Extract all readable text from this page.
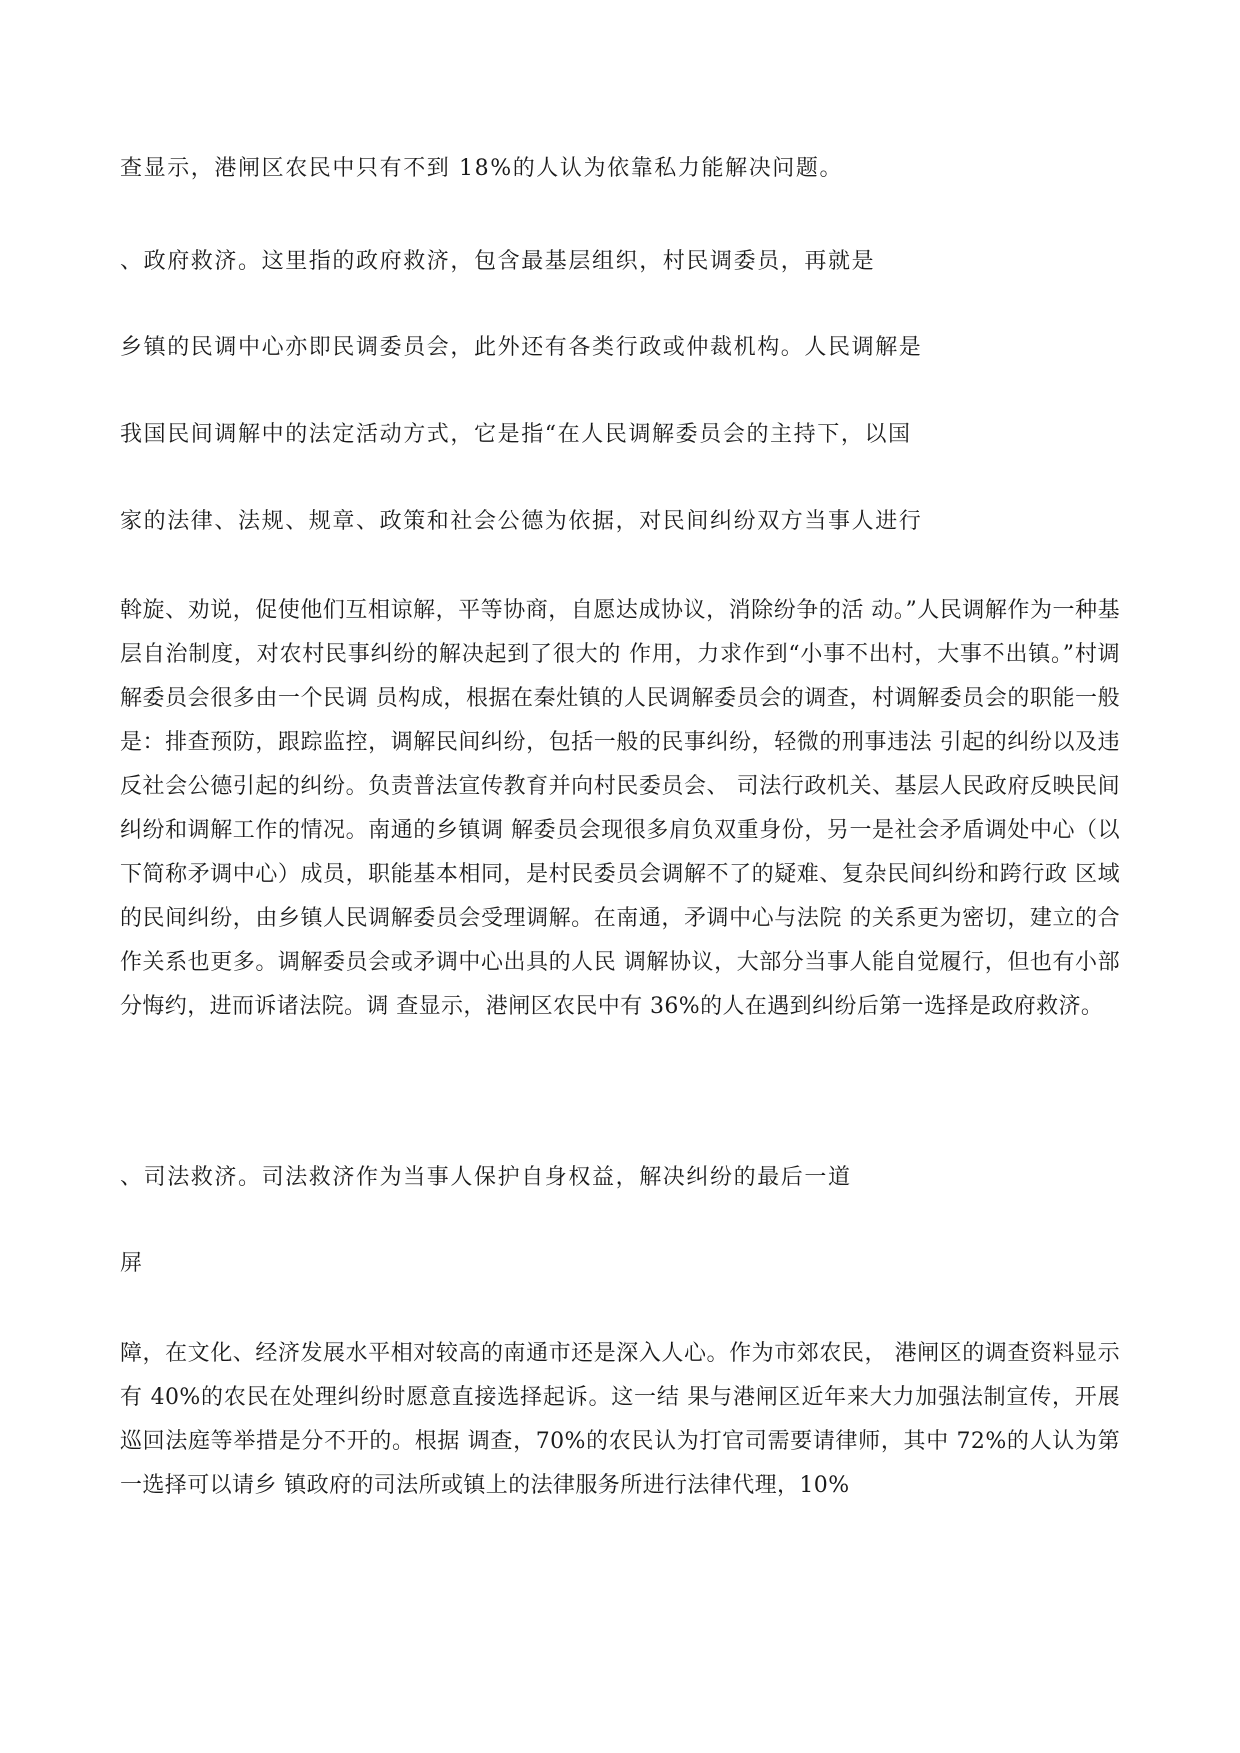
查显示，港闸区农民中只有不到 18%的人认为依靠私力能解决问题。
、政府救济。这里指的政府救济，包含最基层组织，村民调委员，再就是
乡镇的民调中心亦即民调委员会，此外还有各类行政或仲裁机构。人民调解是
我国民间调解中的法定活动方式，它是指“在人民调解委员会的主持下，以国
家的法律、法规、规章、政策和社会公德为依据，对民间纠纷双方当事人进行
斡旋、劝说，促使他们互相谅解，平等协商，自愿达成协议，消除纷争的活 动。”人民调解作为一种基层自治制度，对农村民事纠纷的解决起到了很大的 作用，力求作到“小事不出村，大事不出镇。”村调解委员会很多由一个民调 员构成，根据在秦灶镇的人民调解委员会的调查，村调解委员会的职能一般是：排查预防，跟踪监控，调解民间纠纷，包括一般的民事纠纷，轻微的刑事违法 引起的纠纷以及违反社会公德引起的纠纷。负责普法宣传教育并向村民委员会、 司法行政机关、基层人民政府反映民间纠纷和调解工作的情况。南通的乡镇调 解委员会现很多肩负双重身份，另一是社会矛盾调处中心（以下简称矛调中心）成员，职能基本相同，是村民委员会调解不了的疑难、复杂民间纠纷和跨行政 区域的民间纠纷，由乡镇人民调解委员会受理调解。在南通，矛调中心与法院 的关系更为密切，建立的合作关系也更多。调解委员会或矛调中心出具的人民 调解协议，大部分当事人能自觉履行，但也有小部分悔约，进而诉诸法院。调 查显示，港闸区农民中有 36%的人在遇到纠纷后第一选择是政府救济。
、司法救济。司法救济作为当事人保护自身权益，解决纠纷的最后一道
屏
障，在文化、经济发展水平相对较高的南通市还是深入人心。作为市郊农民， 港闸区的调查资料显示有 40%的农民在处理纠纷时愿意直接选择起诉。这一结 果与港闸区近年来大力加强法制宣传，开展巡回法庭等举措是分不开的。根据 调查，70%的农民认为打官司需要请律师，其中 72%的人认为第一选择可以请乡 镇政府的司法所或镇上的法律服务所进行法律代理，10%
